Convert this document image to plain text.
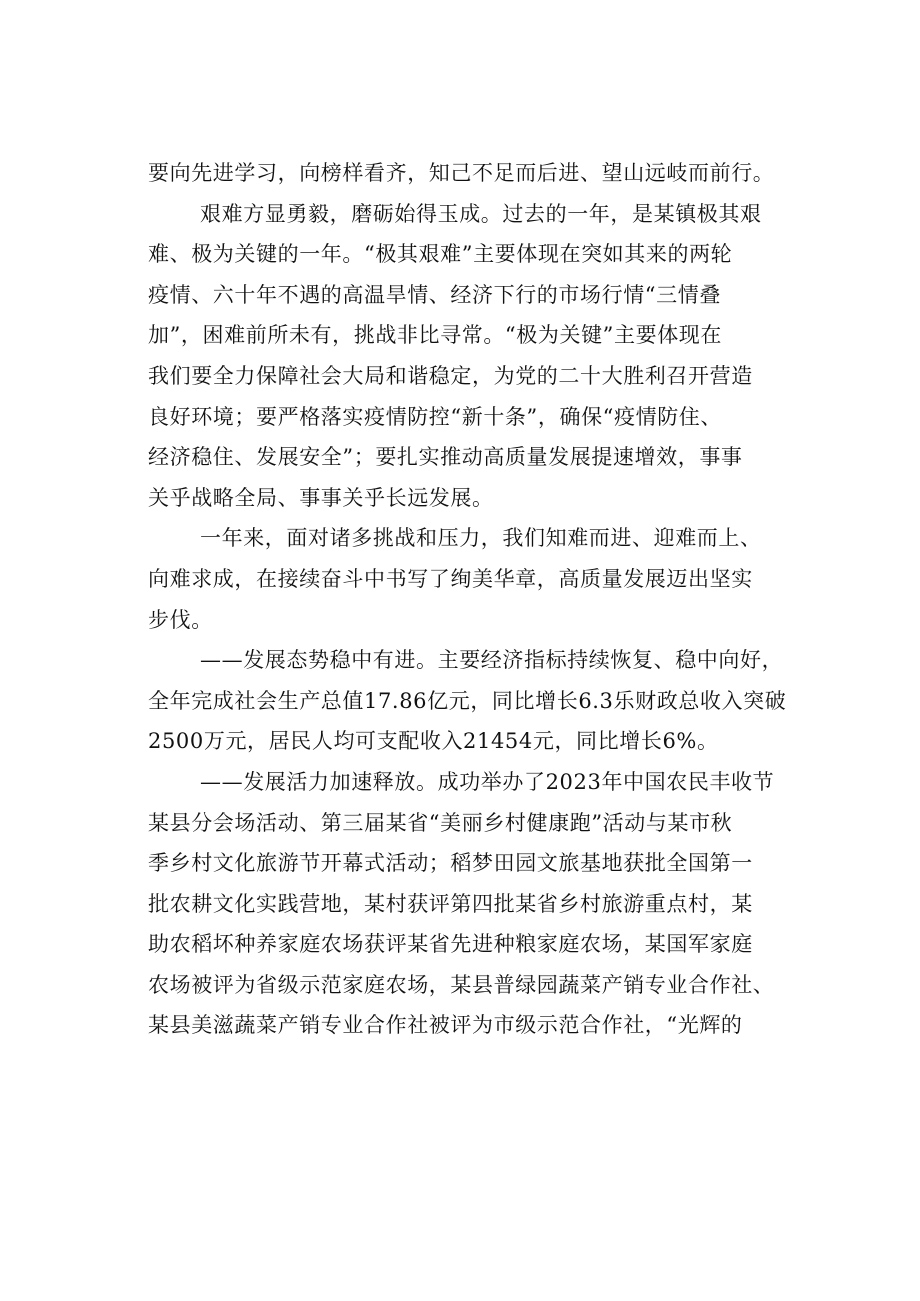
要向先进学习，向榜样看齐，知己不足而后进、望山远岐而前行。
艰难方显勇毅，磨砺始得玉成。过去的一年，是某镇极其艰
难、极为关键的一年。“极其艰难”主要体现在突如其来的两轮
疫情、六十年不遇的高温旱情、经济下行的市场行情“三情叠
加”，困难前所未有，挑战非比寻常。“极为关键”主要体现在
我们要全力保障社会大局和谐稳定，为党的二十大胜利召开营造
良好环境；要严格落实疫情防控“新十条”，确保“疫情防住、
经济稳住、发展安全”；要扎实推动高质量发展提速增效，事事
关乎战略全局、事事关乎长远发展。
一年来，面对诸多挑战和压力，我们知难而进、迎难而上、
向难求成，在接续奋斗中书写了绚美华章，高质量发展迈出坚实
步伐。
——发展态势稳中有进。主要经济指标持续恢复、稳中向好，
全年完成社会生产总值17.86亿元，同比增长6.3乐财政总收入突破
2500万元，居民人均可支配收入21454元，同比增长6%。
——发展活力加速释放。成功举办了2023年中国农民丰收节
某县分会场活动、第三届某省“美丽乡村健康跑”活动与某市秋
季乡村文化旅游节开幕式活动；稻梦田园文旅基地获批全国第一
批农耕文化实践营地，某村获评第四批某省乡村旅游重点村，某
助农稻坏种养家庭农场获评某省先进种粮家庭农场，某国军家庭
农场被评为省级示范家庭农场，某县普绿园蔬菜产销专业合作社、
某县美滋蔬菜产销专业合作社被评为市级示范合作社，“光辉的
